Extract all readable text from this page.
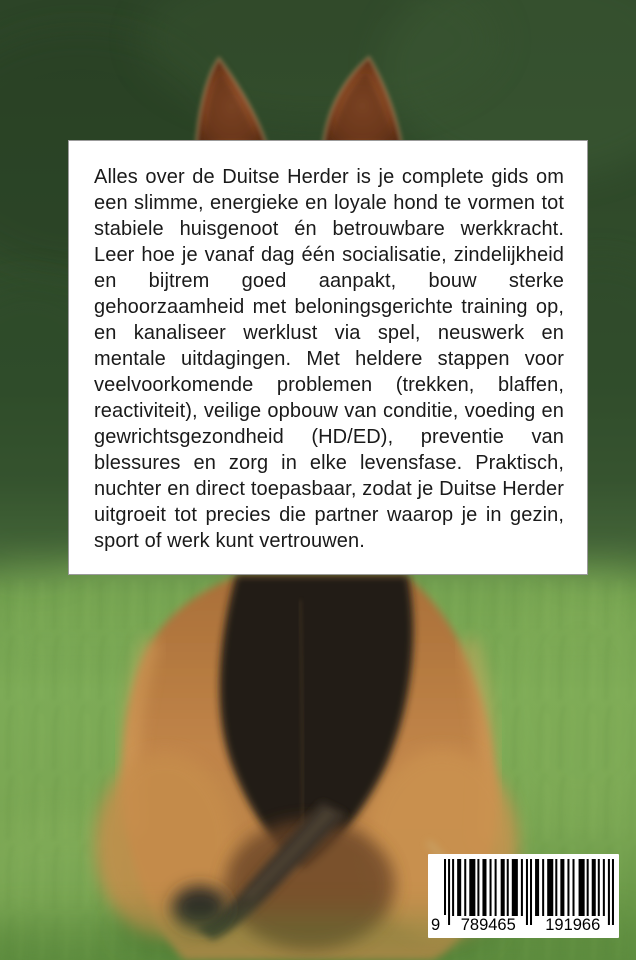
Alles over de Duitse Herder is je complete gids om een slimme, energieke en loyale hond te vormen tot stabiele huisgenoot én betrouwbare werkkracht. Leer hoe je vanaf dag één socialisatie, zindelijkheid en bijtrem goed aanpakt, bouw sterke gehoorzaamheid met beloningsgerichte training op, en kanaliseer werklust via spel, neuswerk en mentale uitdagingen. Met heldere stappen voor veelvoorkomende problemen (trekken, blaffen, reactiviteit), veilige opbouw van conditie, voeding en gewrichtsgezondheid (HD/ED), preventie van blessures en zorg in elke levensfase. Praktisch, nuchter en direct toepasbaar, zodat je Duitse Herder uitgroeit tot precies die partner waarop je in gezin, sport of werk kunt vertrouwen.

9	789465	191966
